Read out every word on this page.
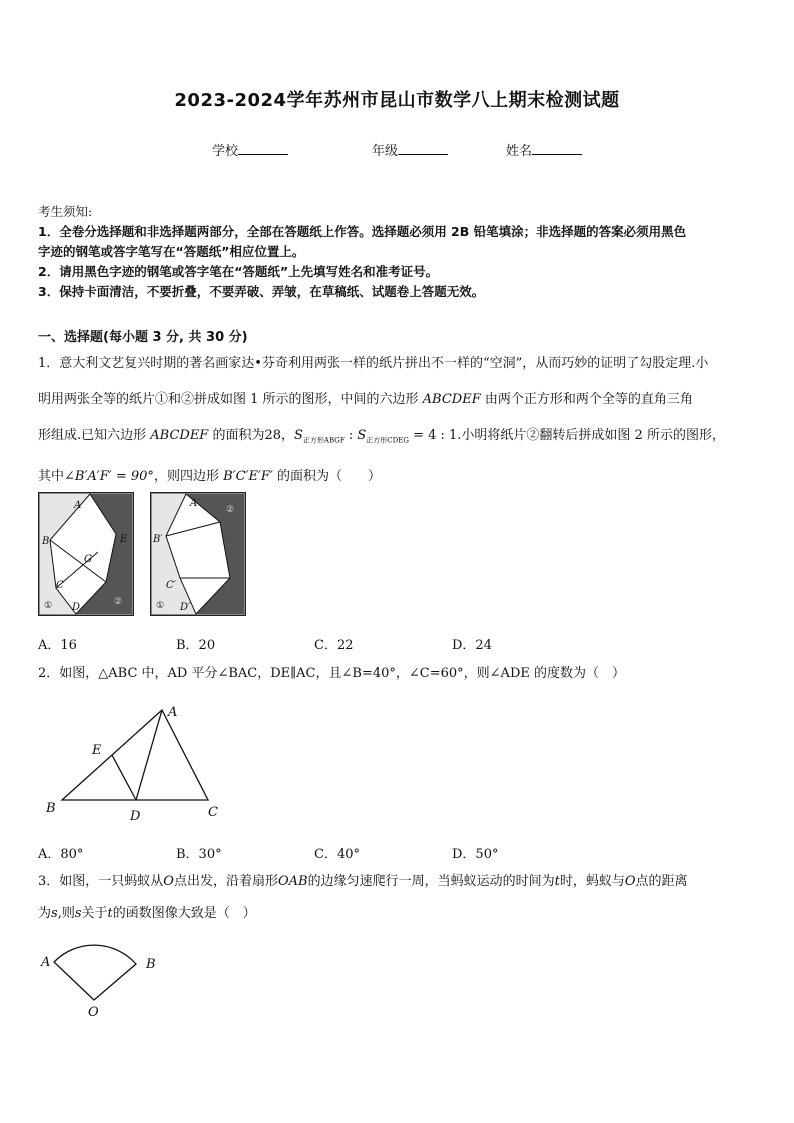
2023-2024学年苏州市昆山市数学八上期末检测试题
学校	年级	姓名
考生须知:
1．全卷分选择题和非选择题两部分，全部在答题纸上作答。选择题必须用 2B 铅笔填涂；非选择题的答案必须用黑色
字迹的钢笔或答字笔写在“答题纸”相应位置上。
2．请用黑色字迹的钢笔或答字笔在“答题纸”上先填写姓名和准考证号。
3．保持卡面清洁，不要折叠，不要弄破、弄皱，在草稿纸、试题卷上答题无效。
一、选择题(每小题 3 分, 共 30 分)
1．意大利文艺复兴时期的著名画家达•芬奇利用两张一样的纸片拼出不一样的“空洞”，从而巧妙的证明了勾股定理.小
明用两张全等的纸片①和②拼成如图 1 所示的图形，中间的六边形 ABCDEF 由两个正方形和两个全等的直角三角
形组成.已知六边形 ABCDEF 的面积为28，$S_{正方形ABGF}$ : $S_{正方形CDEG} = 4$ : 1.小明将纸片②翻转后拼成如图 2 所示的图形，
其中∠B′A′F′ = 90°，则四边形 B′C′E′F′ 的面积为（　　）
A
B
C
D
E
G
①	②
A′
B′
C′
D′
①
②
A．16	B．20	C．22	D．24
2．如图，△ABC 中，AD 平分∠BAC，DE∥AC，且∠B=40°，∠C=60°，则∠ADE 的度数为（　）
A
E
B
D	C
A．80°	B．30°	C．40°	D．50°
3．如图，一只蚂蚁从O点出发，沿着扇形OAB的边缘匀速爬行一周，当蚂蚁运动的时间为t时，蚂蚁与O点的距离
为s,则s关于t的函数图像大致是（　）
A	B
O
